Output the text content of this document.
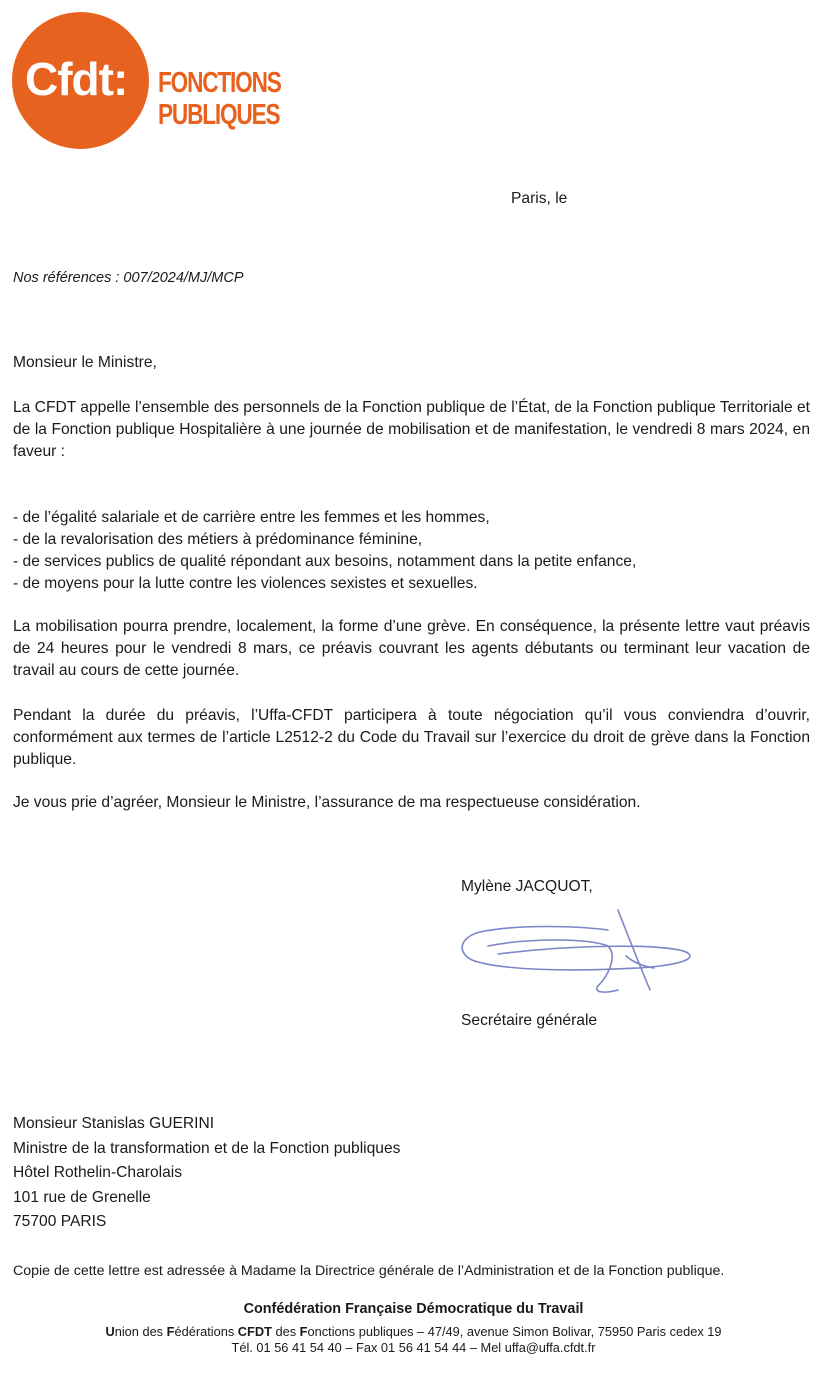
Cfdt: FONCTIONS
PUBLIQUES
Paris, le
Nos références : 007/2024/MJ/MCP
Monsieur le Ministre,
La CFDT appelle l’ensemble des personnels de la Fonction publique de l’État, de la Fonction publique Territoriale et de la Fonction publique Hospitalière à une journée de mobilisation et de manifestation, le vendredi 8 mars 2024, en faveur :
- de l’égalité salariale et de carrière entre les femmes et les hommes,
- de la revalorisation des métiers à prédominance féminine,
- de services publics de qualité répondant aux besoins, notamment dans la petite enfance,
- de moyens pour la lutte contre les violences sexistes et sexuelles.
La mobilisation pourra prendre, localement, la forme d’une grève. En conséquence, la présente lettre vaut préavis de 24 heures pour le vendredi 8 mars, ce préavis couvrant les agents débutants ou terminant leur vacation de travail au cours de cette journée.
Pendant la durée du préavis, l’Uffa-CFDT participera à toute négociation qu’il vous conviendra d’ouvrir, conformément aux termes de l’article L2512-2 du Code du Travail sur l’exercice du droit de grève dans la Fonction publique.
Je vous prie d’agréer, Monsieur le Ministre, l’assurance de ma respectueuse considération.
Mylène JACQUOT,
Secrétaire générale
Monsieur Stanislas GUERINI
Ministre de la transformation et de la Fonction publiques
Hôtel Rothelin-Charolais
101 rue de Grenelle
75700 PARIS
Copie de cette lettre est adressée à Madame la Directrice générale de l’Administration et de la Fonction publique.
Confédération Française Démocratique du Travail
Union des Fédérations CFDT des Fonctions publiques – 47/49, avenue Simon Bolivar, 75950 Paris cedex 19
Tél. 01 56 41 54 40 – Fax 01 56 41 54 44 – Mel uffa@uffa.cfdt.fr
